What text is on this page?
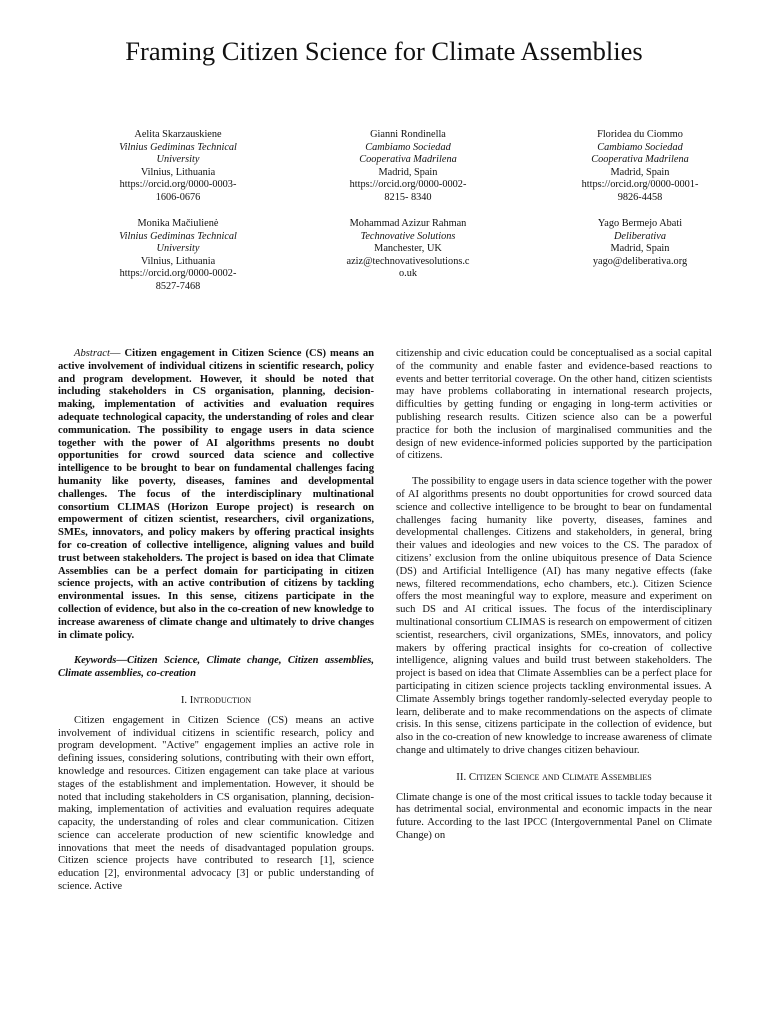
Framing Citizen Science for Climate Assemblies
Aelita Skarzauskiene
Vilnius Gediminas Technical
University
Vilnius, Lithuania
https://orcid.org/0000-0003-
1606-0676
Gianni Rondinella
Cambiamo Sociedad
Cooperativa Madrilena
Madrid, Spain
https://orcid.org/0000-0002-
8215- 8340
Floridea du Ciommo
Cambiamo Sociedad
Cooperativa Madrilena
Madrid, Spain
https://orcid.org/0000-0001-
9826-4458
Monika Mačiulienė
Vilnius Gediminas Technical
University
Vilnius, Lithuania
https://orcid.org/0000-0002-
8527-7468
Mohammad Azizur Rahman
Technovative Solutions
Manchester, UK
aziz@technovativesolutions.c
o.uk
Yago Bermejo Abati
Deliberativa
Madrid, Spain
yago@deliberativa.org

Abstract— Citizen engagement in Citizen Science (CS) means an active involvement of individual citizens in scientific research, policy and program development. However, it should be noted that including stakeholders in CS organisation, planning, decision-making, implementation of activities and evaluation requires adequate technological capacity, the understanding of roles and clear communication. The possibility to engage users in data science together with the power of AI algorithms presents no doubt opportunities for crowd sourced data science and collective intelligence to be brought to bear on fundamental challenges facing humanity like poverty, diseases, famines and developmental challenges. The focus of the interdisciplinary multinational consortium CLIMAS (Horizon Europe project) is research on empowerment of citizen scientist, researchers, civil organizations, SMEs, innovators, and policy makers by offering practical insights for co-creation of collective intelligence, aligning values and build trust between stakeholders. The project is based on idea that Climate Assemblies can be a perfect domain for participating in citizen science projects, with an active contribution of citizens by tackling environmental issues. In this sense, citizens participate in the collection of evidence, but also in the co-creation of new knowledge to increase awareness of climate change and ultimately to drive changes in climate policy.

Keywords—Citizen Science, Climate change, Citizen assemblies, Climate assemblies, co-creation

I. Introduction

Citizen engagement in Citizen Science (CS) means an active involvement of individual citizens in scientific research, policy and program development. "Active" engagement implies an active role in defining issues, considering solutions, contributing with their own effort, knowledge and resources. Citizen engagement can take place at various stages of the establishment and implementation. However, it should be noted that including stakeholders in CS organisation, planning, decision-making, implementation of activities and evaluation requires adequate capacity, the understanding of roles and clear communication. Citizen science can accelerate production of new scientific knowledge and innovations that meet the needs of disadvantaged population groups. Citizen science projects have contributed to research [1], science education [2], environmental advocacy [3] or public understanding of science. Active

citizenship and civic education could be conceptualised as a social capital of the community and enable faster and evidence-based reactions to events and better territorial coverage. On the other hand, citizen scientists may have problems collaborating in international research projects, difficulties by getting funding or engaging in long-term activities or publishing research results. Citizen science also can be a powerful practice for both the inclusion of marginalised communities and the design of new evidence-informed policies supported by the participation of citizens.

The possibility to engage users in data science together with the power of AI algorithms presents no doubt opportunities for crowd sourced data science and collective intelligence to be brought to bear on fundamental challenges facing humanity like poverty, diseases, famines and developmental challenges. Citizens and stakeholders, in general, bring their values and ideologies and new voices to the CS. The paradox of citizens’ exclusion from the online ubiquitous presence of Data Science (DS) and Artificial Intelligence (AI) has many negative effects (fake news, filtered recommendations, echo chambers, etc.). Citizen Science offers the most meaningful way to explore, measure and experiment on such DS and AI critical issues. The focus of the interdisciplinary multinational consortium CLIMAS is research on empowerment of citizen scientist, researchers, civil organizations, SMEs, innovators, and policy makers by offering practical insights for co-creation of collective intelligence, aligning values and build trust between stakeholders. The project is based on idea that Climate Assemblies can be a perfect place for participating in citizen science projects tackling environmental issues. A Climate Assembly brings together randomly-selected everyday people to learn, deliberate and to make recommendations on the aspects of climate crisis. In this sense, citizens participate in the collection of evidence, but also in the co-creation of new knowledge to increase awareness of climate change and ultimately to drive changes citizen behaviour.

II. Citizen Science and Climate Assemblies

Climate change is one of the most critical issues to tackle today because it has detrimental social, environmental and economic impacts in the near future. According to the last IPCC (Intergovernmental Panel on Climate Change) on
